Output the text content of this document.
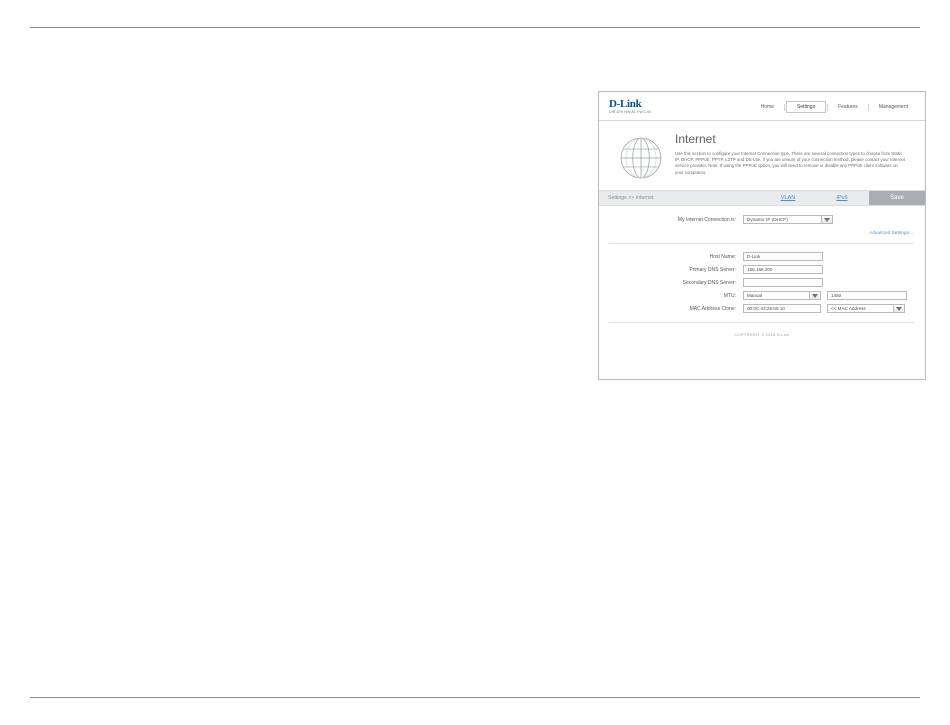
D-Link
DIR-879 HW:A1 FW:1.00
Home	Settings	Features	Management
Internet
Use this section to configure your Internet Connection type. There are several connection types to choose from Static IP, DHCP, PPPoE, PPTP, L2TP and DS-Lite. If you are unsure of your connection method, please contact your Internet service provider. Note: If using the PPPoE option, you will need to remove or disable any PPPoE client software on your computers.
Settings >> Internet	VLAN	IPv6	Save
My Internet Connection is:	Dynamic IP (DHCP)
Advanced Settings...
Host Name:	D-Link
Primary DNS Server:	168.168.200
Secondary DNS Server:
MTU:	Manual	1450
MAC Address Clone:	00:0C:43:28:60:10	<< MAC Address
COPYRIGHT © 2016 D-Link
